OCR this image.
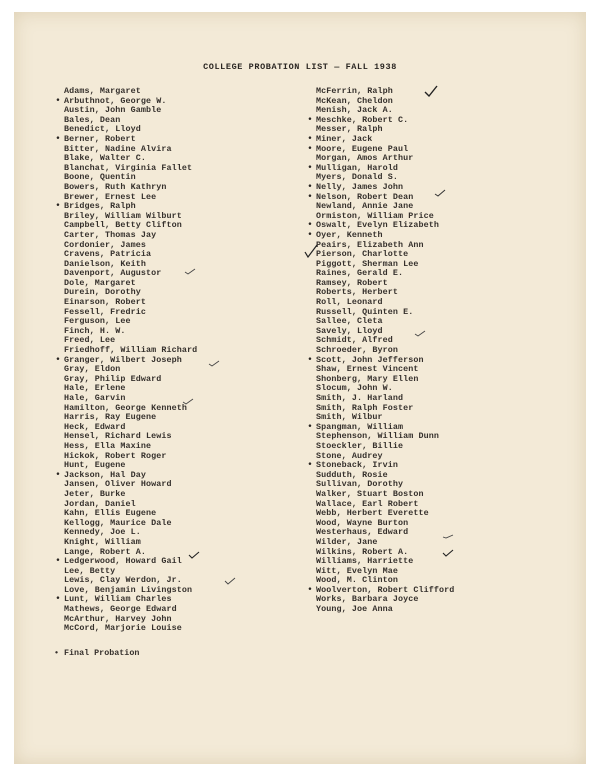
COLLEGE PROBATION LIST — FALL 1938
Adams, Margaret
• Arbuthnot, George W.
Austin, John Gamble
Bales, Dean
Benedict, Lloyd
• Berner, Robert
Bitter, Nadine Alvira
Blake, Walter C.
Blanchat, Virginia Fallet
Boone, Quentin
Bowers, Ruth Kathryn
Brewer, Ernest Lee
• Bridges, Ralph
Briley, William Wilburt
Campbell, Betty Clifton
Carter, Thomas Jay
Cordonier, James
Cravens, Patricia
Danielson, Keith
Davenport, Augustor
Dole, Margaret
Durein, Dorothy
Einarson, Robert
Fessell, Fredric
Ferguson, Lee
Finch, H. W.
Freed, Lee
Friedhoff, William Richard
• Granger, Wilbert Joseph
Gray, Eldon
Gray, Philip Edward
Hale, Erlene
Hale, Garvin
Hamilton, George Kenneth
Harris, Ray Eugene
Heck, Edward
Hensel, Richard Lewis
Hess, Ella Maxine
Hickok, Robert Roger
Hunt, Eugene
• Jackson, Hal Day
Jansen, Oliver Howard
Jeter, Burke
Jordan, Daniel
Kahn, Ellis Eugene
Kellogg, Maurice Dale
Kennedy, Joe L.
Knight, William
Lange, Robert A.
• Ledgerwood, Howard Gail
Lee, Betty
Lewis, Clay Werdon, Jr.
Love, Benjamin Livingston
• Lunt, William Charles
Mathews, George Edward
McArthur, Harvey John
McCord, Marjorie Louise
McFerrin, Ralph
McKean, Cheldon
Menish, Jack A.
• Meschke, Robert C.
Messer, Ralph
• Miner, Jack
• Moore, Eugene Paul
Morgan, Amos Arthur
• Mulligan, Harold
Myers, Donald S.
• Nelly, James John
• Nelson, Robert Dean
Newland, Annie Jane
Ormiston, William Price
• Oswalt, Evelyn Elizabeth
• Oyer, Kenneth
Peairs, Elizabeth Ann
Pierson, Charlotte
Piggott, Sherman Lee
Raines, Gerald E.
Ramsey, Robert
Roberts, Herbert
Roll, Leonard
Russell, Quinten E.
Sallee, Cleta
Savely, Lloyd
Schmidt, Alfred
Schroeder, Byron
• Scott, John Jefferson
Shaw, Ernest Vincent
Shonberg, Mary Ellen
Slocum, John W.
Smith, J. Harland
Smith, Ralph Foster
Smith, Wilbur
• Spangman, William
Stephenson, William Dunn
Stoeckler, Billie
Stone, Audrey
• Stoneback, Irvin
Sudduth, Rosie
Sullivan, Dorothy
Walker, Stuart Boston
Wallace, Earl Robert
Webb, Herbert Everette
Wood, Wayne Burton
Westerhaus, Edward
Wilder, Jane
Wilkins, Robert A.
Williams, Harriette
Witt, Evelyn Mae
Wood, M. Clinton
• Woolverton, Robert Clifford
Works, Barbara Joyce
Young, Joe Anna
• Final Probation
